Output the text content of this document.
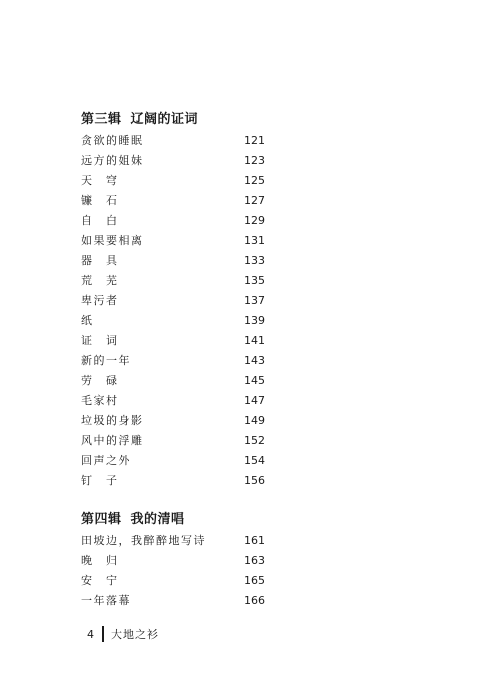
第三辑 辽阔的证词
贪欲的睡眠	121
远方的姐妹	123
天　穹	125
镰　石	127
自　白	129
如果要相离	131
器　具	133
荒　芜	135
卑污者	137
纸	139
证　词	141
新的一年	143
劳　碌	145
毛家村	147
垃圾的身影	149
风中的浮雕	152
回声之外	154
钉　子	156
第四辑 我的清唱
田坡边，我醉醉地写诗	161
晚　归	163
安　宁	165
一年落幕	166
4 大地之衫
